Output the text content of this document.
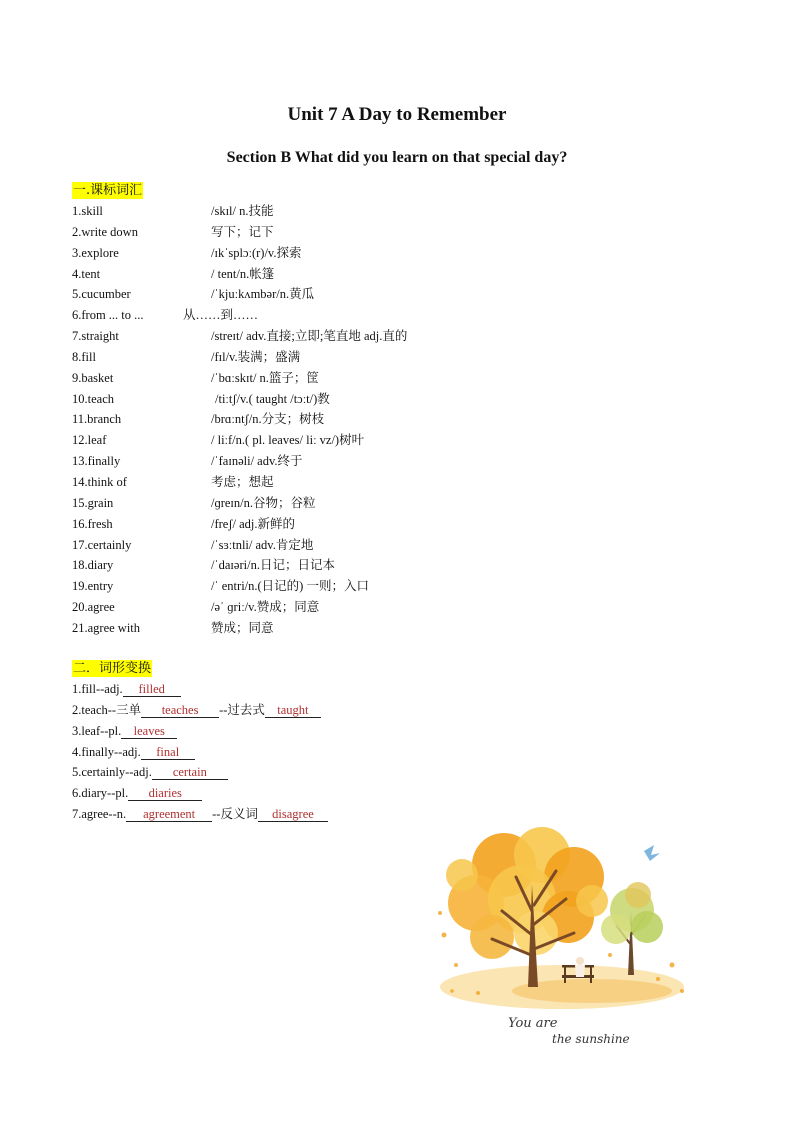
Unit 7 A Day to Remember
Section B What did you learn on that special day?
一.课标词汇
1.skill	/skɪl/ n.技能
2.write down	写下；记下
3.explore	/ɪkˈsplɔː(r)/v.探索
4.tent	/ tent/n.帐篷
5.cucumber	/ˈkjuːkʌmbər/n.黄瓜
6.from ... to ...	从……到……
7.straight	/streɪt/ adv.直接;立即;笔直地 adj.直的
8.fill	/fɪl/v.装满；盛满
9.basket	/ˈbɑːskɪt/ n.篮子；筐
10.teach	/tiːtʃ/v.( taught /tɔːt/)教
11.branch	/brɑːntʃ/n.分支；树枝
12.leaf	/ liːf/n.( pl. leaves/ liː vz/)树叶
13.finally	/ˈfaɪnəli/ adv.终于
14.think of	考虑；想起
15.grain	/ɡreɪn/n.谷物；谷粒
16.fresh	/freʃ/ adj.新鲜的
17.certainly	/ˈsɜːtnli/ adv.肯定地
18.diary	/ˈdaɪəri/n.日记；日记本
19.entry	/ˈ entri/n.(日记的) 一则；入口
20.agree	/əˈ ɡriː/v.赞成；同意
21.agree with	赞成；同意
二．词形变换
1.fill--adj. filled
2.teach--三单 teaches --过去式 taught
3.leaf--pl. leaves
4.finally--adj. final
5.certainly--adj. certain
6.diary--pl. diaries
7.agree--n. agreement --反义词 disagree
You are
the sunshine
